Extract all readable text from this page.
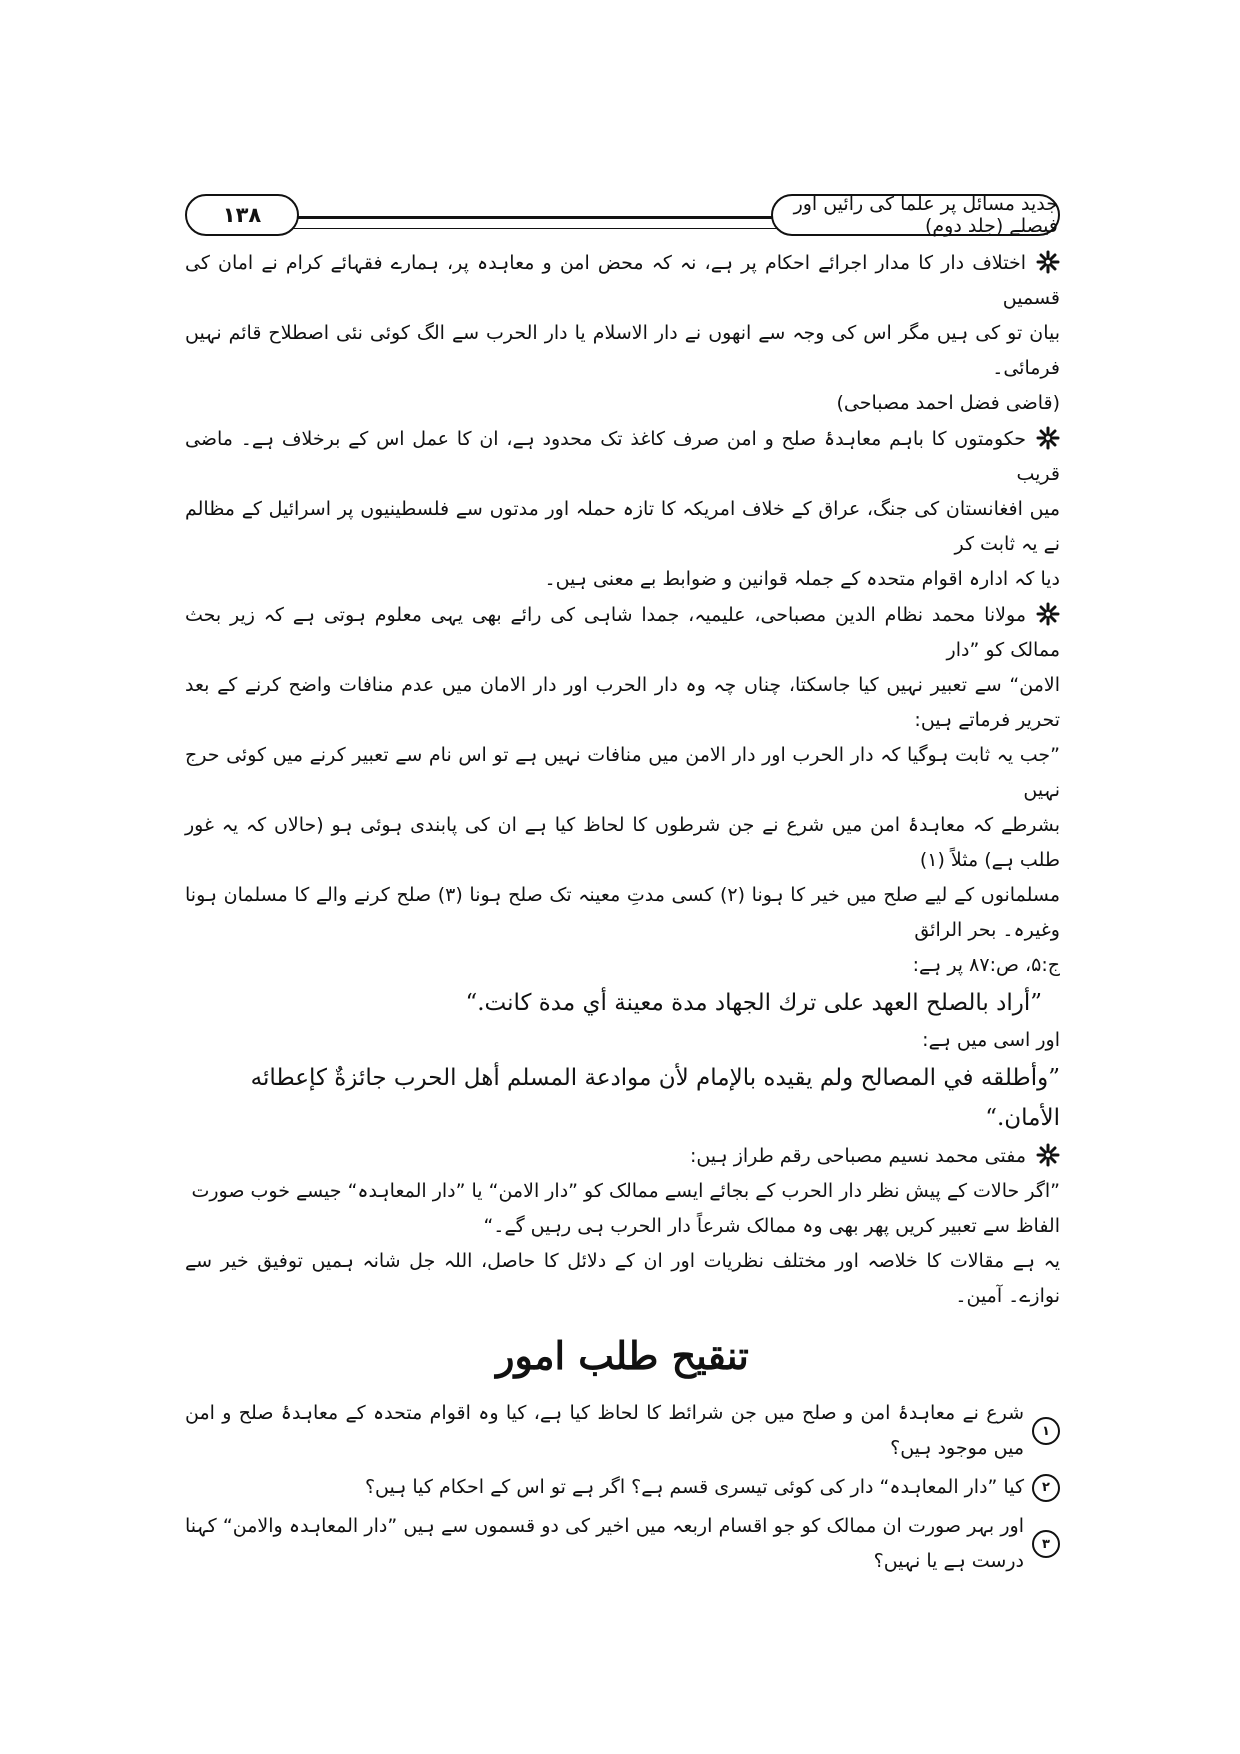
۱۳۸	جدید مسائل پر علما کی رائیں اور فیصلے (جلد دوم)

اختلاف دار کا مدار اجرائے احکام پر ہے، نہ کہ محض امن و معاہدہ پر، ہمارے فقہائے کرام نے امان کی قسمیں

بیان تو کی ہیں مگر اس کی وجہ سے انھوں نے دار الاسلام یا دار الحرب سے الگ کوئی نئی اصطلاح قائم نہیں فرمائی۔

(قاضی فضل احمد مصباحی)

حکومتوں کا باہم معاہدۂ صلح و امن صرف کاغذ تک محدود ہے، ان کا عمل اس کے برخلاف ہے۔ ماضی قریب

میں افغانستان کی جنگ، عراق کے خلاف امریکہ کا تازہ حملہ اور مدتوں سے فلسطینیوں پر اسرائیل کے مظالم نے یہ ثابت کر

دیا کہ ادارہ اقوام متحدہ کے جملہ قوانین و ضوابط بے معنی ہیں۔

مولانا محمد نظام الدین مصباحی، علیمیہ، جمدا شاہی کی رائے بھی یہی معلوم ہوتی ہے کہ زیر بحث ممالک کو ”دار

الامن“ سے تعبیر نہیں کیا جاسکتا، چناں چہ وہ دار الحرب اور دار الامان میں عدم منافات واضح کرنے کے بعد تحریر فرماتے ہیں:

”جب یہ ثابت ہوگیا کہ دار الحرب اور دار الامن میں منافات نہیں ہے تو اس نام سے تعبیر کرنے میں کوئی حرج نہیں

بشرطے کہ معاہدۂ امن میں شرع نے جن شرطوں کا لحاظ کیا ہے ان کی پابندی ہوئی ہو (حالاں کہ یہ غور طلب ہے) مثلاً (۱)

مسلمانوں کے لیے صلح میں خیر کا ہونا (۲) کسی مدتِ معینہ تک صلح ہونا (۳) صلح کرنے والے کا مسلمان ہونا وغیرہ۔ بحر الرائق

ج:۵، ص:۸۷ پر ہے:

”أراد بالصلح العهد على ترك الجهاد مدة معينة أي مدة كانت.“

اور اسی میں ہے:

”وأطلقه في المصالح ولم يقيده بالإمام لأن موادعة المسلم أهل الحرب جائزةٌ كإعطائه

الأمان.“

مفتی محمد نسیم مصباحی رقم طراز ہیں:

”اگر حالات کے پیش نظر دار الحرب کے بجائے ایسے ممالک کو ”دار الامن“ یا ”دار المعاہدہ“ جیسے خوب صورت

الفاظ سے تعبیر کریں پھر بھی وہ ممالک شرعاً دار الحرب ہی رہیں گے۔“

یہ ہے مقالات کا خلاصہ اور مختلف نظریات اور ان کے دلائل کا حاصل، اللہ جل شانہ ہمیں توفیق خیر سے نوازے۔ آمین۔

تنقیح طلب امور
۱
شرع نے معاہدۂ امن و صلح میں جن شرائط کا لحاظ کیا ہے، کیا وہ اقوام متحدہ کے معاہدۂ صلح و امن میں موجود ہیں؟
۲
کیا ”دار المعاہدہ“ دار کی کوئی تیسری قسم ہے؟ اگر ہے تو اس کے احکام کیا ہیں؟
۳
اور بہر صورت ان ممالک کو جو اقسام اربعہ میں اخیر کی دو قسموں سے ہیں ”دار المعاہدہ والامن“ کہنا درست ہے یا نہیں؟
